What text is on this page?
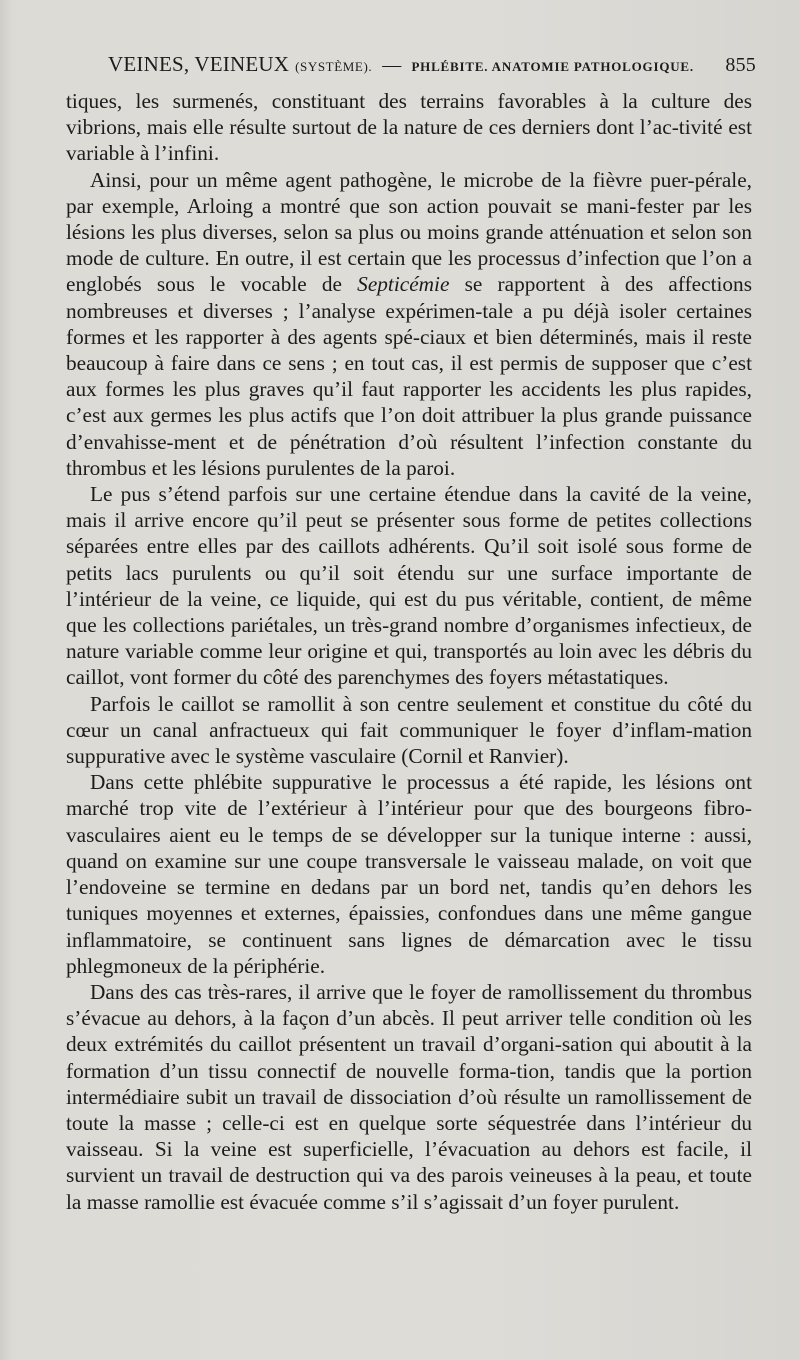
VEINES, VEINEUX (SYSTÈME). — PHLÉBITE. ANATOMIE PATHOLOGIQUE. 855

tiques, les surmenés, constituant des terrains favorables à la culture des vibrions, mais elle résulte surtout de la nature de ces derniers dont l’ac-tivité est variable à l’infini.

Ainsi, pour un même agent pathogène, le microbe de la fièvre puer-pérale, par exemple, Arloing a montré que son action pouvait se mani-fester par les lésions les plus diverses, selon sa plus ou moins grande atténuation et selon son mode de culture. En outre, il est certain que les processus d’infection que l’on a englobés sous le vocable de Septicémie se rapportent à des affections nombreuses et diverses ; l’analyse expérimen-tale a pu déjà isoler certaines formes et les rapporter à des agents spé-ciaux et bien déterminés, mais il reste beaucoup à faire dans ce sens ; en tout cas, il est permis de supposer que c’est aux formes les plus graves qu’il faut rapporter les accidents les plus rapides, c’est aux germes les plus actifs que l’on doit attribuer la plus grande puissance d’envahisse-ment et de pénétration d’où résultent l’infection constante du thrombus et les lésions purulentes de la paroi.

Le pus s’étend parfois sur une certaine étendue dans la cavité de la veine, mais il arrive encore qu’il peut se présenter sous forme de petites collections séparées entre elles par des caillots adhérents. Qu’il soit isolé sous forme de petits lacs purulents ou qu’il soit étendu sur une surface importante de l’intérieur de la veine, ce liquide, qui est du pus véritable, contient, de même que les collections pariétales, un très-grand nombre d’organismes infectieux, de nature variable comme leur origine et qui, transportés au loin avec les débris du caillot, vont former du côté des parenchymes des foyers métastatiques.

Parfois le caillot se ramollit à son centre seulement et constitue du côté du cœur un canal anfractueux qui fait communiquer le foyer d’inflam-mation suppurative avec le système vasculaire (Cornil et Ranvier).

Dans cette phlébite suppurative le processus a été rapide, les lésions ont marché trop vite de l’extérieur à l’intérieur pour que des bourgeons fibro-vasculaires aient eu le temps de se développer sur la tunique interne : aussi, quand on examine sur une coupe transversale le vaisseau malade, on voit que l’endoveine se termine en dedans par un bord net, tandis qu’en dehors les tuniques moyennes et externes, épaissies, confondues dans une même gangue inflammatoire, se continuent sans lignes de démarcation avec le tissu phlegmoneux de la périphérie.

Dans des cas très-rares, il arrive que le foyer de ramollissement du thrombus s’évacue au dehors, à la façon d’un abcès. Il peut arriver telle condition où les deux extrémités du caillot présentent un travail d’organi-sation qui aboutit à la formation d’un tissu connectif de nouvelle forma-tion, tandis que la portion intermédiaire subit un travail de dissociation d’où résulte un ramollissement de toute la masse ; celle-ci est en quelque sorte séquestrée dans l’intérieur du vaisseau. Si la veine est superficielle, l’évacuation au dehors est facile, il survient un travail de destruction qui va des parois veineuses à la peau, et toute la masse ramollie est évacuée comme s’il s’agissait d’un foyer purulent.
